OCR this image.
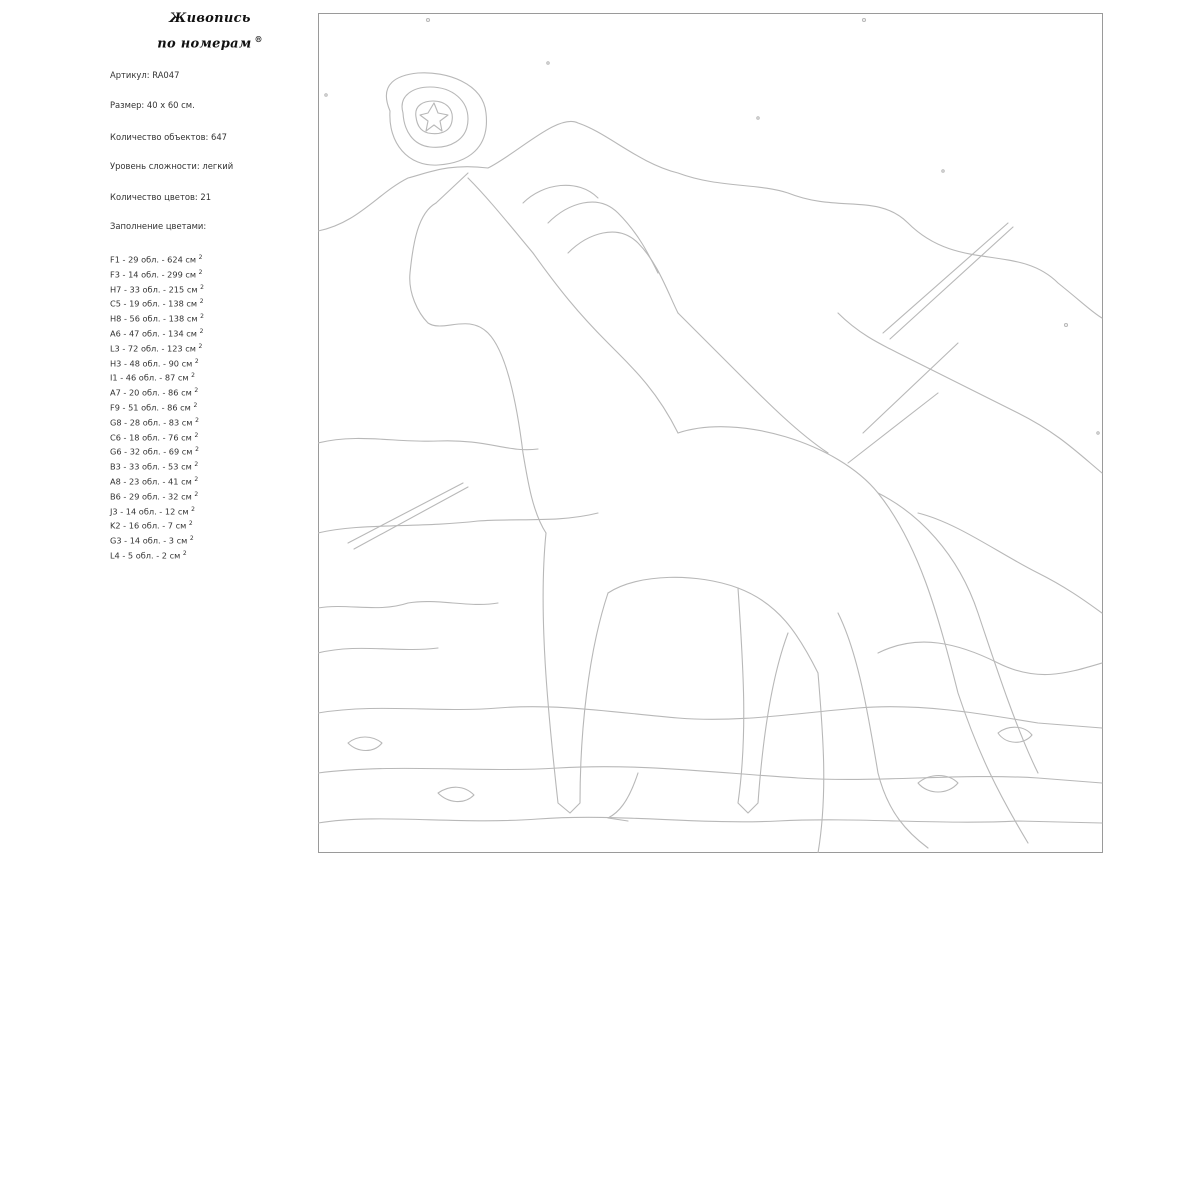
Живопись
по номерам ®
Артикул: RA047
Размер: 40 х 60 см.
Количество объектов: 647
Уровень сложности: легкий
Количество цветов: 21
Заполнение цветами:
F1 - 29 обл. - 624 см $^2$
F3 - 14 обл. - 299 см $^2$
H7 - 33 обл. - 215 см $^2$
C5 - 19 обл. - 138 см $^2$
H8 - 56 обл. - 138 см $^2$
A6 - 47 обл. - 134 см $^2$
L3 - 72 обл. - 123 см $^2$
H3 - 48 обл. - 90 см $^2$
I1 - 46 обл. - 87 см $^2$
A7 - 20 обл. - 86 см $^2$
F9 - 51 обл. - 86 см $^2$
G8 - 28 обл. - 83 см $^2$
C6 - 18 обл. - 76 см $^2$
G6 - 32 обл. - 69 см $^2$
B3 - 33 обл. - 53 см $^2$
A8 - 23 обл. - 41 см $^2$
B6 - 29 обл. - 32 см $^2$
J3 - 14 обл. - 12 см $^2$
K2 - 16 обл. - 7 см $^2$
G3 - 14 обл. - 3 см $^2$
L4 - 5 обл. - 2 см $^2$
